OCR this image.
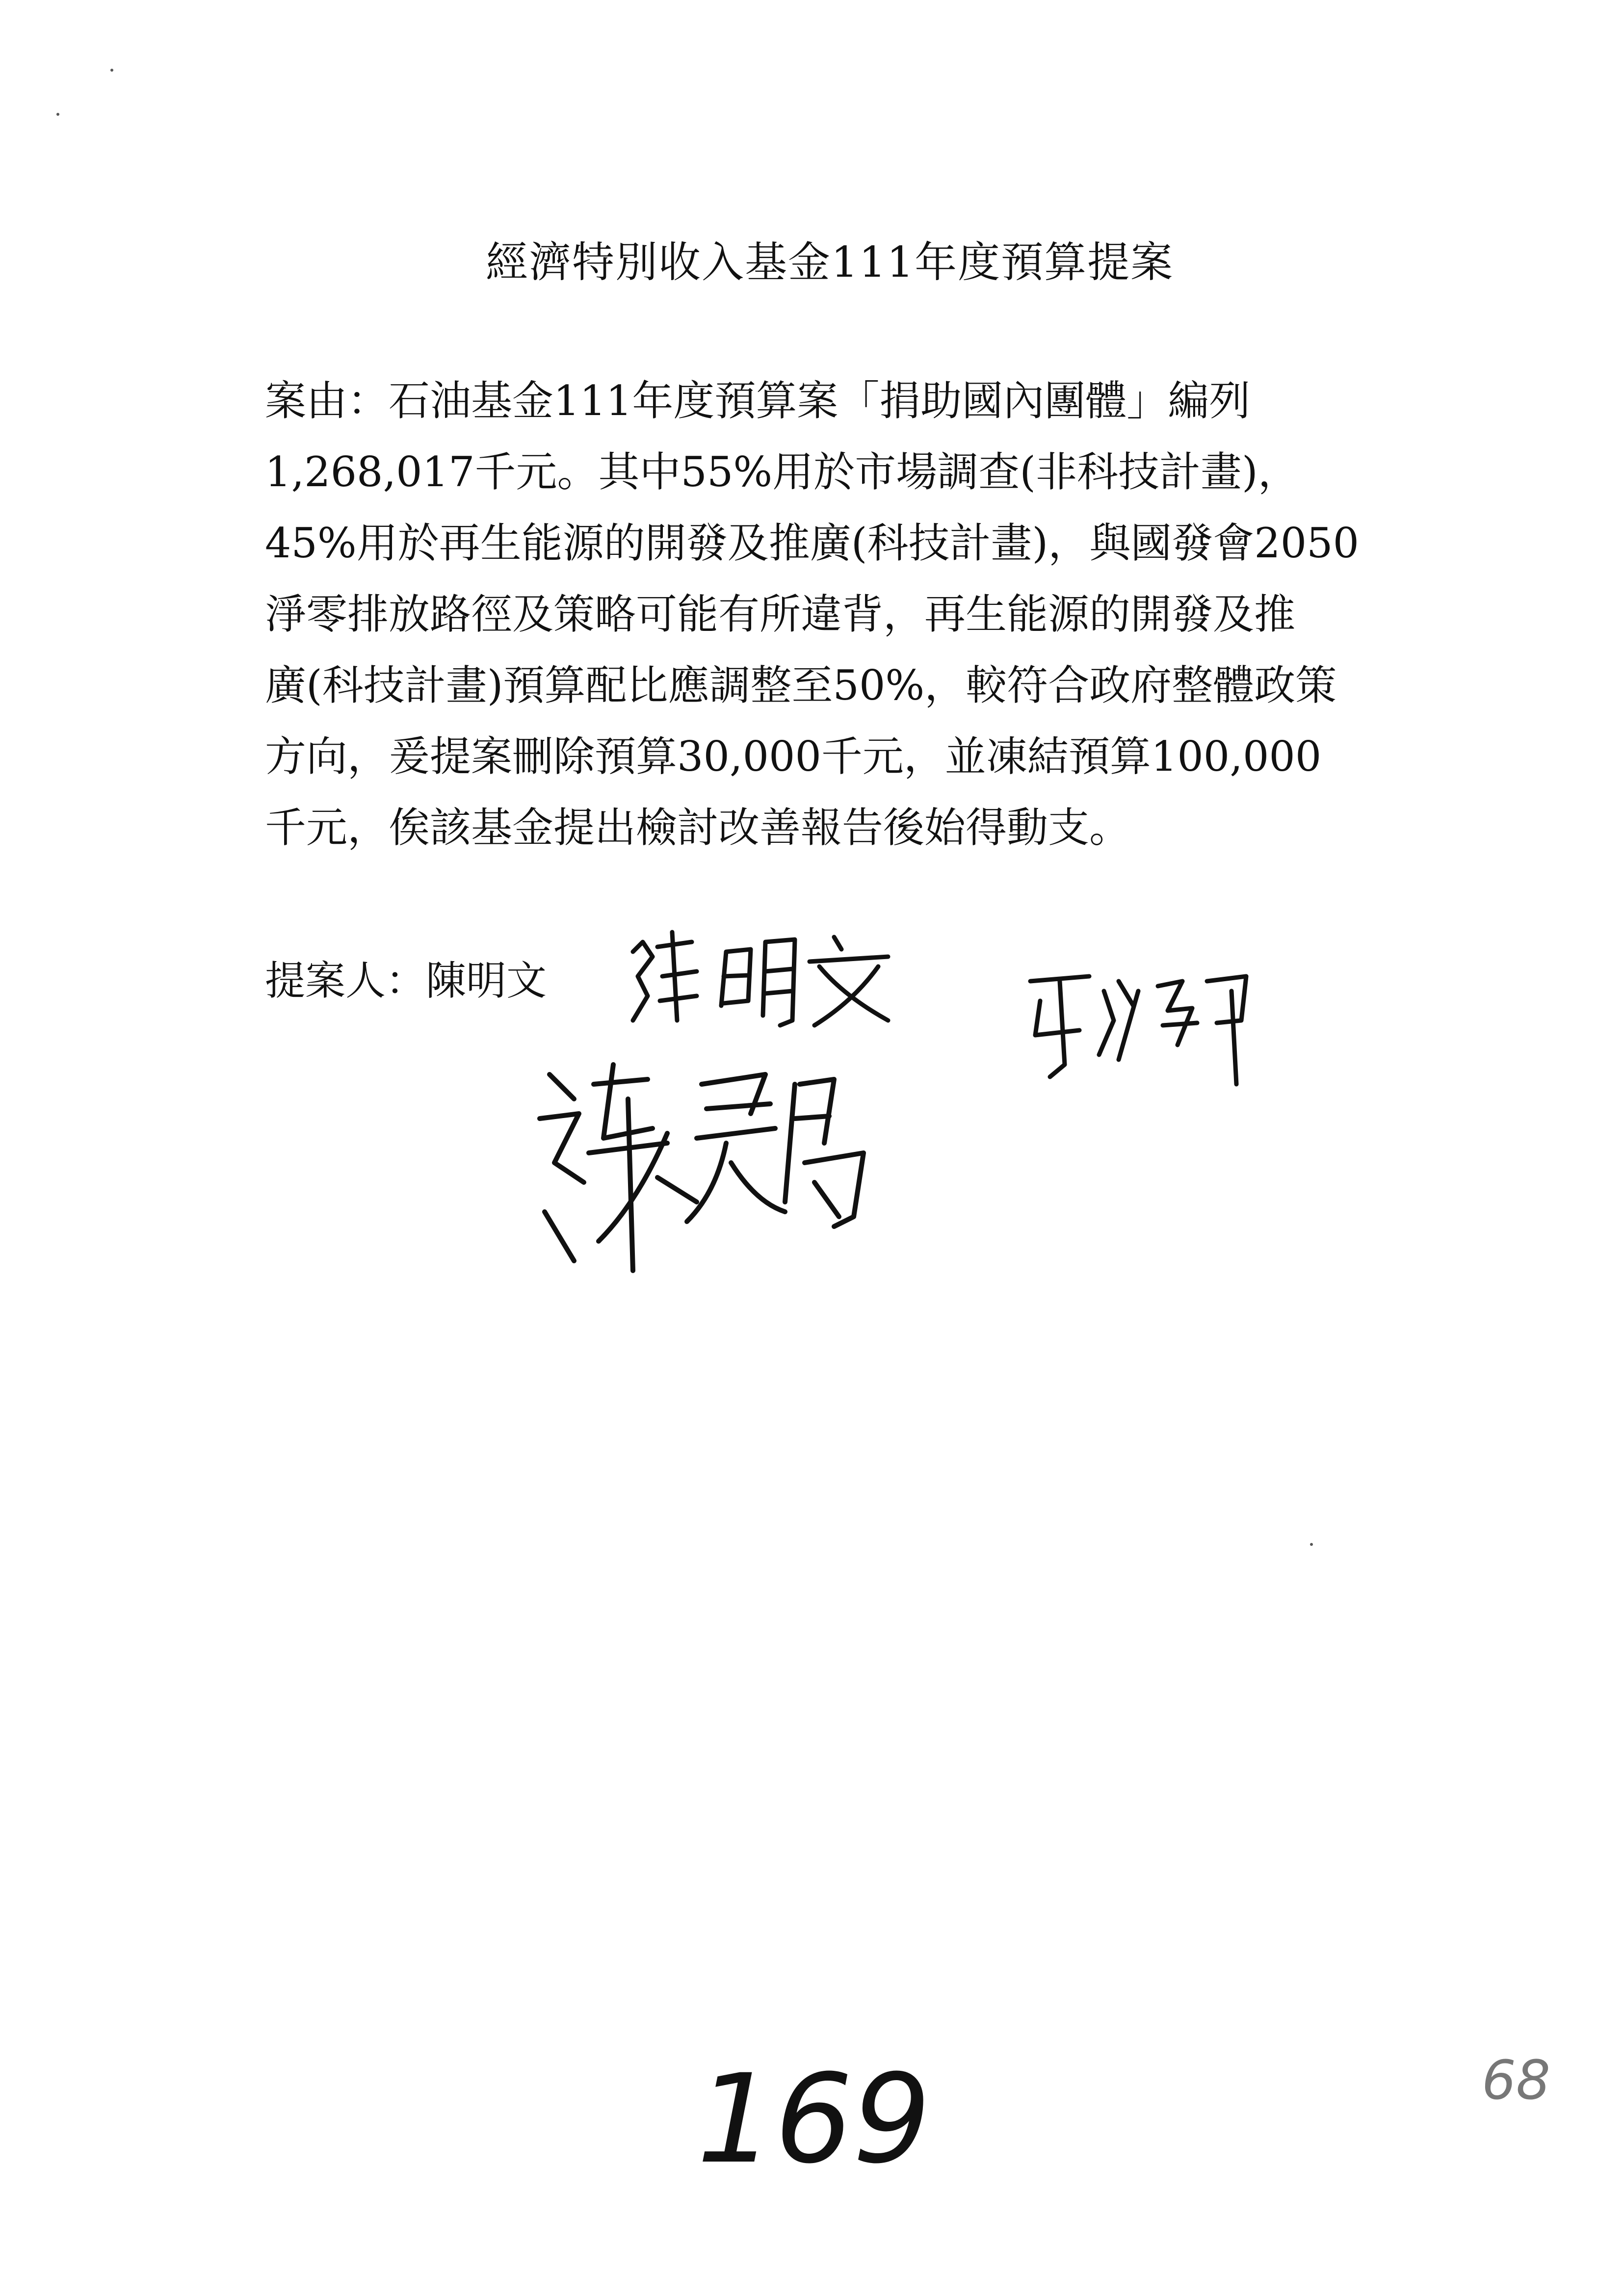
經濟特別收入基金111年度預算提案
案由：石油基金111年度預算案「捐助國內團體」編列
1,268,017千元。其中55%用於市場調查(非科技計畫)，
45%用於再生能源的開發及推廣(科技計畫)，與國發會2050
淨零排放路徑及策略可能有所違背，再生能源的開發及推
廣(科技計畫)預算配比應調整至50%，較符合政府整體政策
方向，爰提案刪除預算30,000千元，並凍結預算100,000
千元，俟該基金提出檢討改善報告後始得動支。
提案人：陳明文
169	68
